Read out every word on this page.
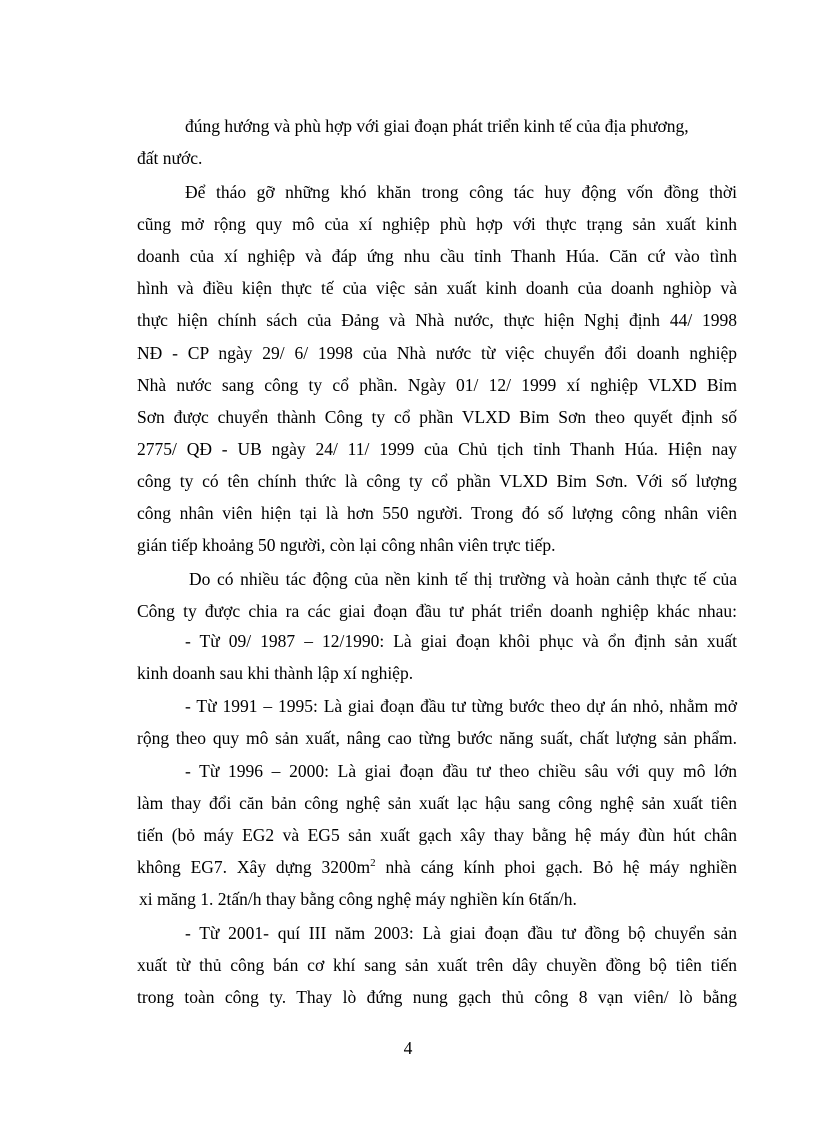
đúng hướng và phù hợp với giai đoạn phát triển kinh tế của địa phương,
đất nước.
Để tháo gỡ những khó khăn trong công tác huy động vốn đồng thời
cũng mở rộng quy mô của xí nghiệp phù hợp với thực trạng sản xuất kinh
doanh của xí nghiệp và đáp ứng nhu cầu tỉnh Thanh Húa. Căn cứ vào tình
hình và điều kiện thực tế của việc sản xuất kinh doanh của doanh nghiòp và
thực hiện chính sách của Đảng và Nhà nước, thực hiện Nghị định 44/ 1998
NĐ - CP ngày 29/ 6/ 1998 của Nhà nước từ việc chuyển đổi doanh nghiệp
Nhà nước sang công ty cổ phần. Ngày 01/ 12/ 1999 xí nghiệp VLXD Bỉm
Sơn được chuyển thành Công ty cổ phần VLXD Bỉm Sơn theo quyết định số
2775/ QĐ - UB ngày 24/ 11/ 1999 của Chủ tịch tỉnh Thanh Húa. Hiện nay
công ty có tên chính thức là công ty cổ phần VLXD Bỉm Sơn. Với số lượng
công nhân viên hiện tại là hơn 550 người. Trong đó số lượng công nhân viên
gián tiếp khoảng 50 người, còn lại công nhân viên trực tiếp.
Do có nhiều tác động của nền kinh tế thị trường và hoàn cảnh thực tế của
Công ty được chia ra các giai đoạn đầu tư phát triển doanh nghiệp khác nhau:
- Từ 09/ 1987 – 12/1990: Là giai đoạn khôi phục và ổn định sản xuất
kinh doanh sau khi thành lập xí nghiệp.
- Từ 1991 – 1995: Là giai đoạn đầu tư từng bước theo dự án nhỏ, nhằm mở
rộng theo quy mô sản xuất, nâng cao từng bước năng suất, chất lượng sản phẩm.
- Từ 1996 – 2000: Là giai đoạn đầu tư theo chiều sâu với quy mô lớn
làm thay đổi căn bản công nghệ sản xuất lạc hậu sang công nghệ sản xuất tiên
tiến (bỏ máy EG2 và EG5 sản xuất gạch xây thay bằng hệ máy đùn hút chân
không EG7. Xây dựng $3200m^2$ nhà cáng kính phoi gạch. Bỏ hệ máy nghiền
xi măng 1. 2tấn/h thay bằng công nghệ máy nghiền kín 6tấn/h.
- Từ 2001- quí III năm 2003: Là giai đoạn đầu tư đồng bộ chuyển sản
xuất từ thủ công bán cơ khí sang sản xuất trên dây chuyền đồng bộ tiên tiến
trong toàn công ty. Thay lò đứng nung gạch thủ công 8 vạn viên/ lò bằng
4
